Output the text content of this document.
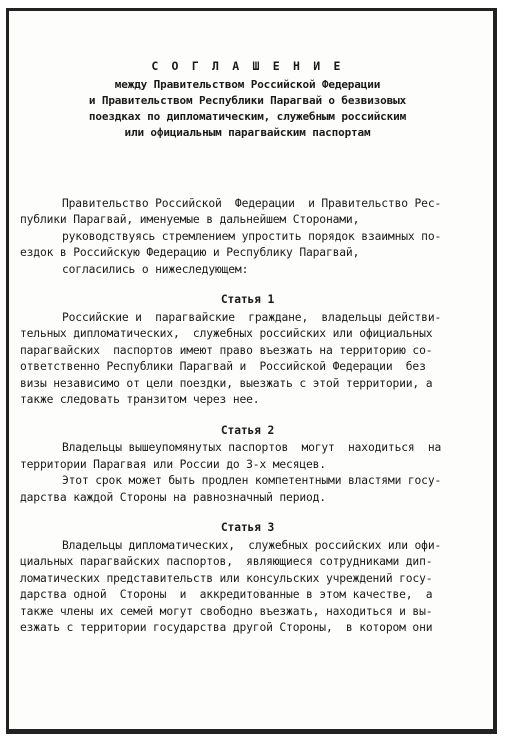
С О Г Л А Ш Е Н И Е
между Правительством Российской Федерации
и Правительством Республики Парагвай о безвизовых
поездках по дипломатическим, служебным российским
или официальным парагвайским паспортам
Правительство Российской  Федерации  и Правительство Рес-
публики Парагвай, именуемые в дальнейшем Сторонами,
руководствуясь стремлением упростить порядок взаимных по-
ездок в Российскую Федерацию и Республику Парагвай,
согласились о нижеследующем:
Статья 1
Российские и  парагвайские  граждане,  владельцы действи-
тельных дипломатических,  служебных российских или официальных
парагвайских  паспортов имеют право въезжать на территорию со-
ответственно Республики Парагвай и  Российской Федерации  без
визы независимо от цели поездки, выезжать с этой территории, а
также следовать транзитом через нее.
Статья 2
Владельцы вышеупомянутых паспортов  могут  находиться  на
территории Парагвая или России до 3-х месяцев.
Этот срок может быть продлен компетентными властями госу-
дарства каждой Стороны на равнозначный период.
Статья 3
Владельцы дипломатических,  служебных российских или офи-
циальных парагвайских паспортов,  являющиеся сотрудниками дип-
ломатических представительств или консульских учреждений госу-
дарства одной  Стороны  и  аккредитованные в этом качестве,  а
также члены их семей могут свободно въезжать, находиться и вы-
езжать с территории государства другой Стороны,  в котором они
